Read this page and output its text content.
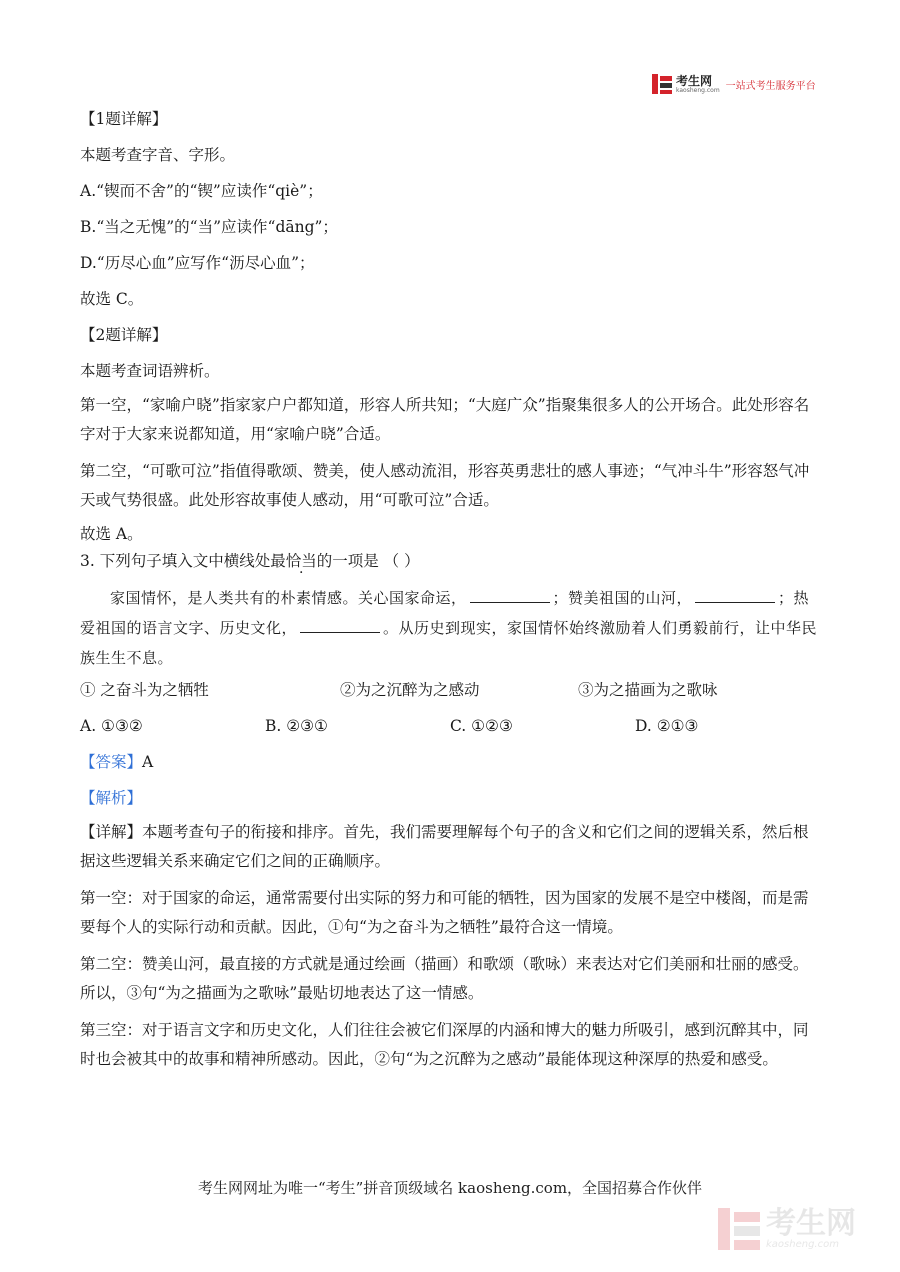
考生网
kaosheng.com 一站式考生服务平台

【1题详解】

本题考查字音、字形。

A.“锲而不舍”的“锲”应读作“qiè”；

B.“当之无愧”的“当”应读作“dāng”；

D.“历尽心血”应写作“沥尽心血”；

故选 C。

【2题详解】

本题考查词语辨析。

第一空，“家喻户晓”指家家户户都知道，形容人所共知；“大庭广众”指聚集很多人的公开场合。此处形容名字对于大家来说都知道，用“家喻户晓”合适。

第二空，“可歌可泣”指值得歌颂、赞美，使人感动流泪，形容英勇悲壮的感人事迹；“气冲斗牛”形容怒气冲天或气势很盛。此处形容故事使人感动，用“可歌可泣”合适。

故选 A。

3. 下列句子填入文中横线处最恰当的一项是 （ ）

家国情怀，是人类共有的朴素情感。关心国家命运，	；赞美祖国的山河，	；热爱祖国的语言文字、历史文化，	。从历史到现实，家国情怀始终激励着人们勇毅前行，让中华民族生生不息。

① 之奋斗为之牺牲	②为之沉醉为之感动	③为之描画为之歌咏
A. ①③②	B. ②③①	C. ①②③	D. ②①③

【答案】A

【解析】

【详解】本题考查句子的衔接和排序。首先，我们需要理解每个句子的含义和它们之间的逻辑关系，然后根据这些逻辑关系来确定它们之间的正确顺序。

第一空：对于国家的命运，通常需要付出实际的努力和可能的牺牲，因为国家的发展不是空中楼阁，而是需要每个人的实际行动和贡献。因此，①句“为之奋斗为之牺牲”最符合这一情境。

第二空：赞美山河，最直接的方式就是通过绘画（描画）和歌颂（歌咏）来表达对它们美丽和壮丽的感受。所以，③句“为之描画为之歌咏”最贴切地表达了这一情感。

第三空：对于语言文字和历史文化，人们往往会被它们深厚的内涵和博大的魅力所吸引，感到沉醉其中，同时也会被其中的故事和精神所感动。因此，②句“为之沉醉为之感动”最能体现这种深厚的热爱和感受。

考生网网址为唯一“考生”拼音顶级域名 kaosheng.com，全国招募合作伙伴
考生网
kaosheng.com
